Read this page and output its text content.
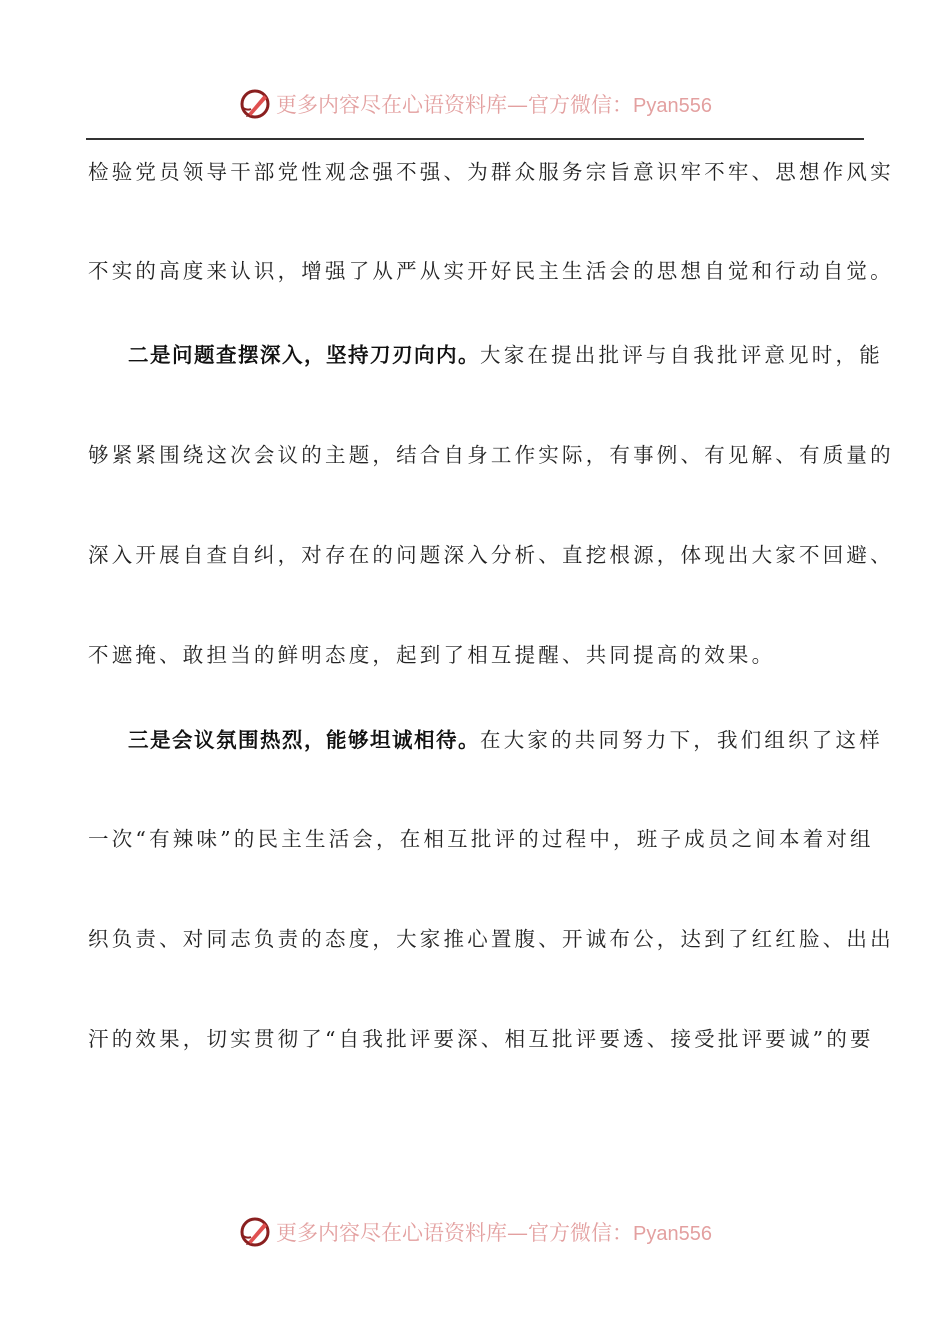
更多内容尽在心语资料库—官方微信：Pyan556
检验党员领导干部党性观念强不强、为群众服务宗旨意识牢不牢、思想作风实
不实的高度来认识，增强了从严从实开好民主生活会的思想自觉和行动自觉。
二是问题查摆深入，坚持刀刃向内。大家在提出批评与自我批评意见时，能
够紧紧围绕这次会议的主题，结合自身工作实际，有事例、有见解、有质量的
深入开展自查自纠，对存在的问题深入分析、直挖根源，体现出大家不回避、
不遮掩、敢担当的鲜明态度，起到了相互提醒、共同提高的效果。
三是会议氛围热烈，能够坦诚相待。在大家的共同努力下，我们组织了这样
一次“有辣味”的民主生活会，在相互批评的过程中，班子成员之间本着对组
织负责、对同志负责的态度，大家推心置腹、开诚布公，达到了红红脸、出出
汗的效果，切实贯彻了“自我批评要深、相互批评要透、接受批评要诚”的要
更多内容尽在心语资料库—官方微信：Pyan556
